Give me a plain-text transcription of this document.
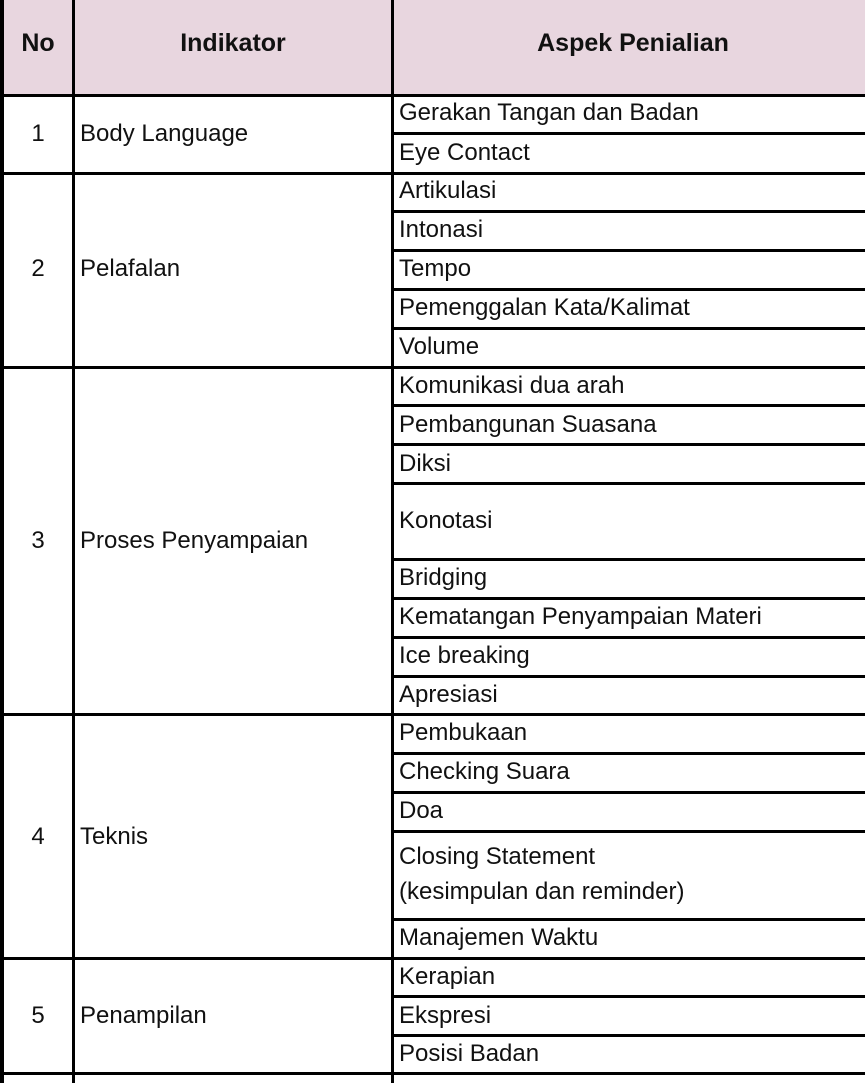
No	Indikator	Aspek Penialian
1 Body Language
Gerakan Tangan dan Badan
Eye Contact
2 Pelafalan
Artikulasi
Intonasi
Tempo
Pemenggalan Kata/Kalimat
Volume
3 Proses Penyampaian
Komunikasi dua arah
Pembangunan Suasana
Diksi
Konotasi
Bridging
Kematangan Penyampaian Materi
Ice breaking
Apresiasi
4 Teknis
Pembukaan
Checking Suara
Doa
Closing Statement
(kesimpulan dan reminder)
Manajemen Waktu
5 Penampilan
Kerapian
Ekspresi
Posisi Badan
